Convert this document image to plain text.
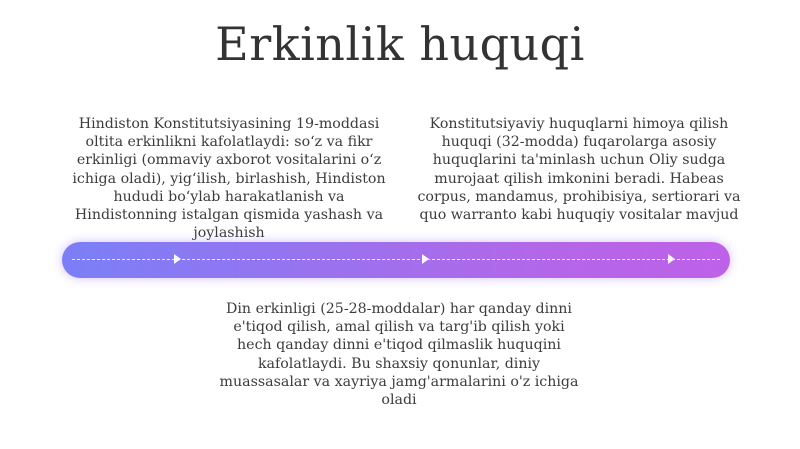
Erkinlik huquqi
Hindiston Konstitutsiyasining 19-moddasi oltita erkinlikni kafolatlaydi: so‘z va fikr erkinligi (ommaviy axborot vositalarini o‘z ichiga oladi), yig‘ilish, birlashish, Hindiston hududi bo‘ylab harakatlanish va Hindistonning istalgan qismida yashash va joylashish
Konstitutsiyaviy huquqlarni himoya qilish huquqi (32-modda) fuqarolarga asosiy huquqlarini ta'minlash uchun Oliy sudga murojaat qilish imkonini beradi. Habeas corpus, mandamus, prohibisiya, sertiorari va quo warranto kabi huquqiy vositalar mavjud
Din erkinligi (25-28-moddalar) har qanday dinni e'tiqod qilish, amal qilish va targ'ib qilish yoki hech qanday dinni e'tiqod qilmaslik huquqini kafolatlaydi. Bu shaxsiy qonunlar, diniy muassasalar va xayriya jamg'armalarini o'z ichiga oladi
